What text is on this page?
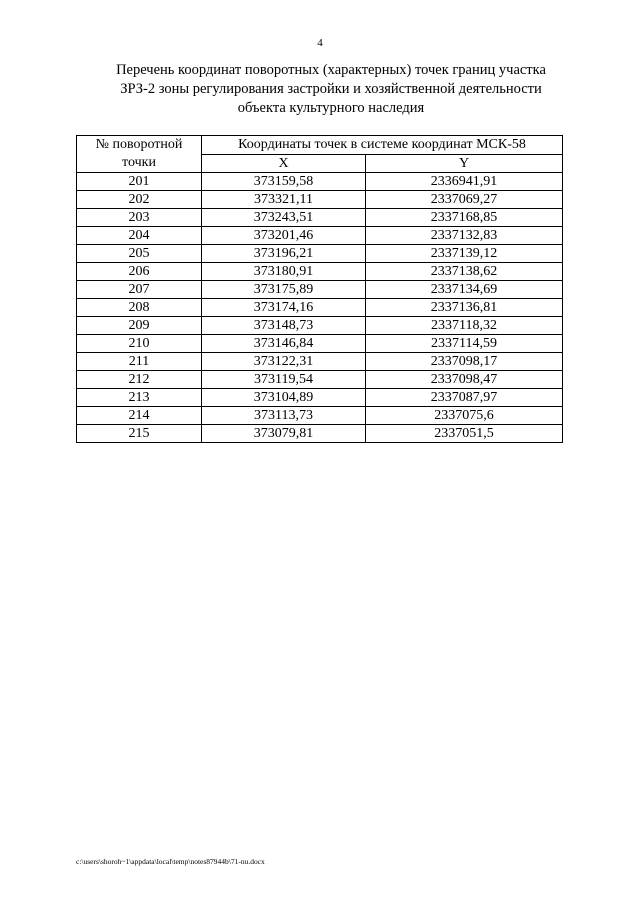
4
Перечень координат поворотных (характерных) точек границ участка
ЗРЗ-2 зоны регулирования застройки и хозяйственной деятельности
объекта культурного наследия
№ поворотной
точки	Координаты точек в системе координат МСК-58	
	X	Y
201	373159,58	2336941,91
202	373321,11	2337069,27
203	373243,51	2337168,85
204	373201,46	2337132,83
205	373196,21	2337139,12
206	373180,91	2337138,62
207	373175,89	2337134,69
208	373174,16	2337136,81
209	373148,73	2337118,32
210	373146,84	2337114,59
211	373122,31	2337098,17
212	373119,54	2337098,47
213	373104,89	2337087,97
214	373113,73	2337075,6
215	373079,81	2337051,5
c:\users\shoroh~1\appdata\local\temp\notes87944b\71-nu.docx
